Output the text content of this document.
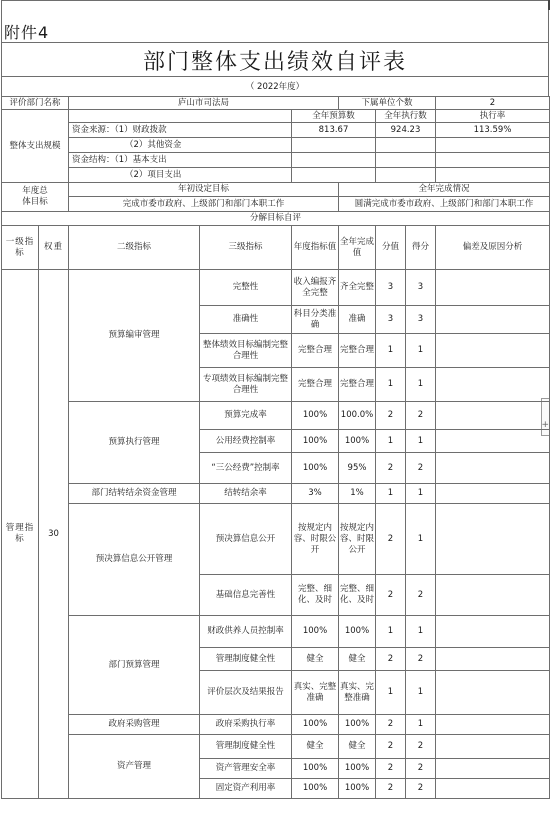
+
附件4
部门整体支出绩效自评表
（ 2022年度）
评价部门名称		庐山市司法局			下属单位个数			2
整体支出规模				全年预算数		全年执行数		执行率
		资金来源：（1）财政拨款		813.67		924.23		113.59%
		（2）其他资金						
		资金结构：（1）基本支出						
		（2）项目支出						
年度总
体目标		年初设定目标			全年完成情况			
		完成市委市政府、上级部门和部门本职工作			圆满完成市委市政府、上级部门和部门本职工作			
分解目标自评								
一级指标	权重	二级指标	三级指标	年度指标值	全年完成值	分值	得分	偏差及原因分析
管理指标	30	预算编审管理	完整性	收入编报齐全完整	齐全完整	3	3	
			准确性	科目分类准确	准确	3	3	
			整体绩效目标编制完整合理性	完整合理	完整合理	1	1	
			专项绩效目标编制完整合理性	完整合理	完整合理	1	1	
		预算执行管理	预算完成率	100%	100.0%	2	2	
			公用经费控制率	100%	100%	1	1	
			“三公经费”控制率	100%	95%	2	2	
		部门结转结余资金管理	结转结余率	3%	1%	1	1	
		预决算信息公开管理	预决算信息公开	按规定内容、时限公开	按规定内容、时限公开	2	1	
			基础信息完善性	完整、细化、及时	完整、细化、及时	2	2	
		部门预算管理	财政供养人员控制率	100%	100%	1	1	
			管理制度健全性	健全	健全	2	2	
			评价层次及结果报告	真实、完整准确	真实、完整准确	1	1	
		政府采购管理	政府采购执行率	100%	100%	2	1	
		资产管理	管理制度健全性	健全	健全	2	2	
			资产管理安全率	100%	100%	2	2	
			固定资产利用率	100%	100%	2	2	
